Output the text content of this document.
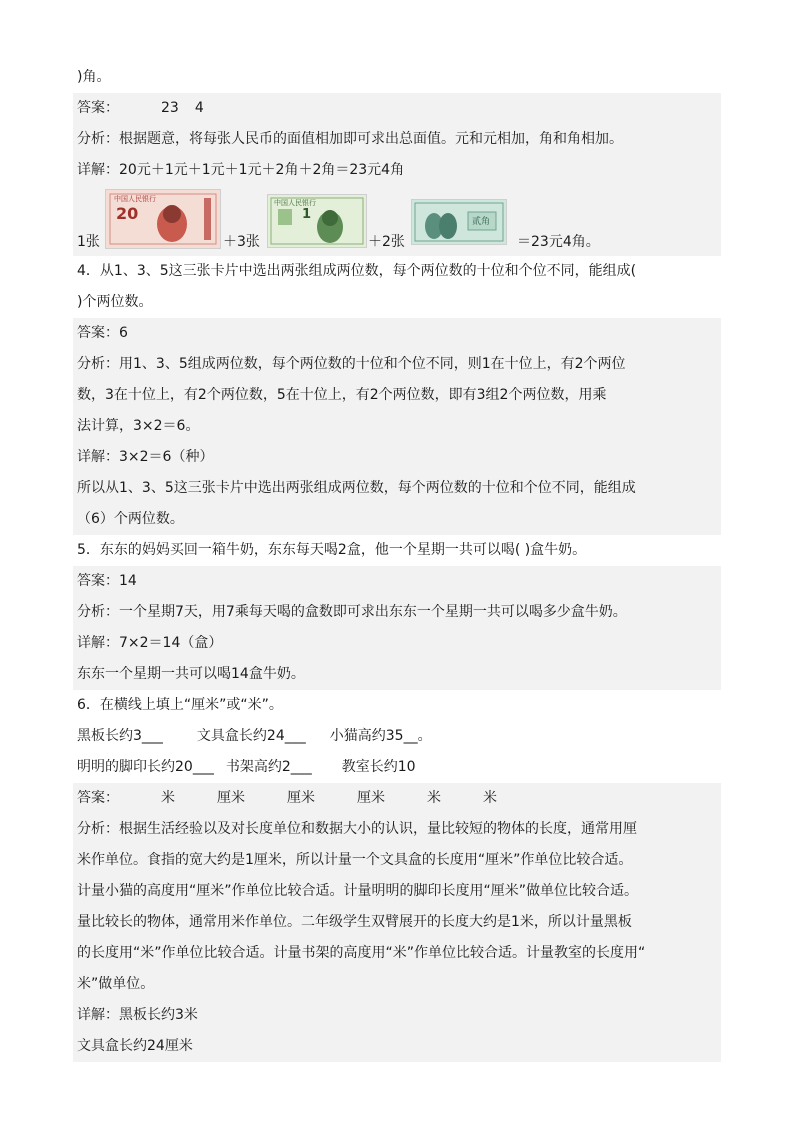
)角。
答案：	23 4
分析：根据题意，将每张人民币的面值相加即可求出总面值。元和元相加，角和角相加。
详解：20元＋1元＋1元＋1元＋2角＋2角＝23元4角
1张
中国人民银行
20
＋3张
中国人民银行
1
＋2张
贰角
＝23元4角。
4．从1、3、5这三张卡片中选出两张组成两位数，每个两位数的十位和个位不同，能组成(
)个两位数。
答案：6
分析：用1、3、5组成两位数，每个两位数的十位和个位不同，则1在十位上，有2个两位
数，3在十位上，有2个两位数，5在十位上，有2个两位数，即有3组2个两位数，用乘
法计算，3×2＝6。
详解：3×2＝6（种）
所以从1、3、5这三张卡片中选出两张组成两位数，每个两位数的十位和个位不同，能组成
（6）个两位数。
5．东东的妈妈买回一箱牛奶，东东每天喝2盒，他一个星期一共可以喝( )盒牛奶。
答案：14
分析：一个星期7天，用7乘每天喝的盒数即可求出东东一个星期一共可以喝多少盒牛奶。
详解：7×2＝14（盒）
东东一个星期一共可以喝14盒牛奶。
6．在横线上填上“厘米”或“米”。
黑板长约3___ 文具盒长约24___ 小猫高约35__。
明明的脚印长约20___ 书架高约2___ 教室长约10
答案：	米	厘米	厘米	厘米	米	米
分析：根据生活经验以及对长度单位和数据大小的认识，量比较短的物体的长度，通常用厘
米作单位。食指的宽大约是1厘米，所以计量一个文具盒的长度用“厘米”作单位比较合适。
计量小猫的高度用“厘米”作单位比较合适。计量明明的脚印长度用“厘米”做单位比较合适。
量比较长的物体，通常用米作单位。二年级学生双臂展开的长度大约是1米，所以计量黑板
的长度用“米”作单位比较合适。计量书架的高度用“米”作单位比较合适。计量教室的长度用“
米”做单位。
详解：黑板长约3米
文具盒长约24厘米
